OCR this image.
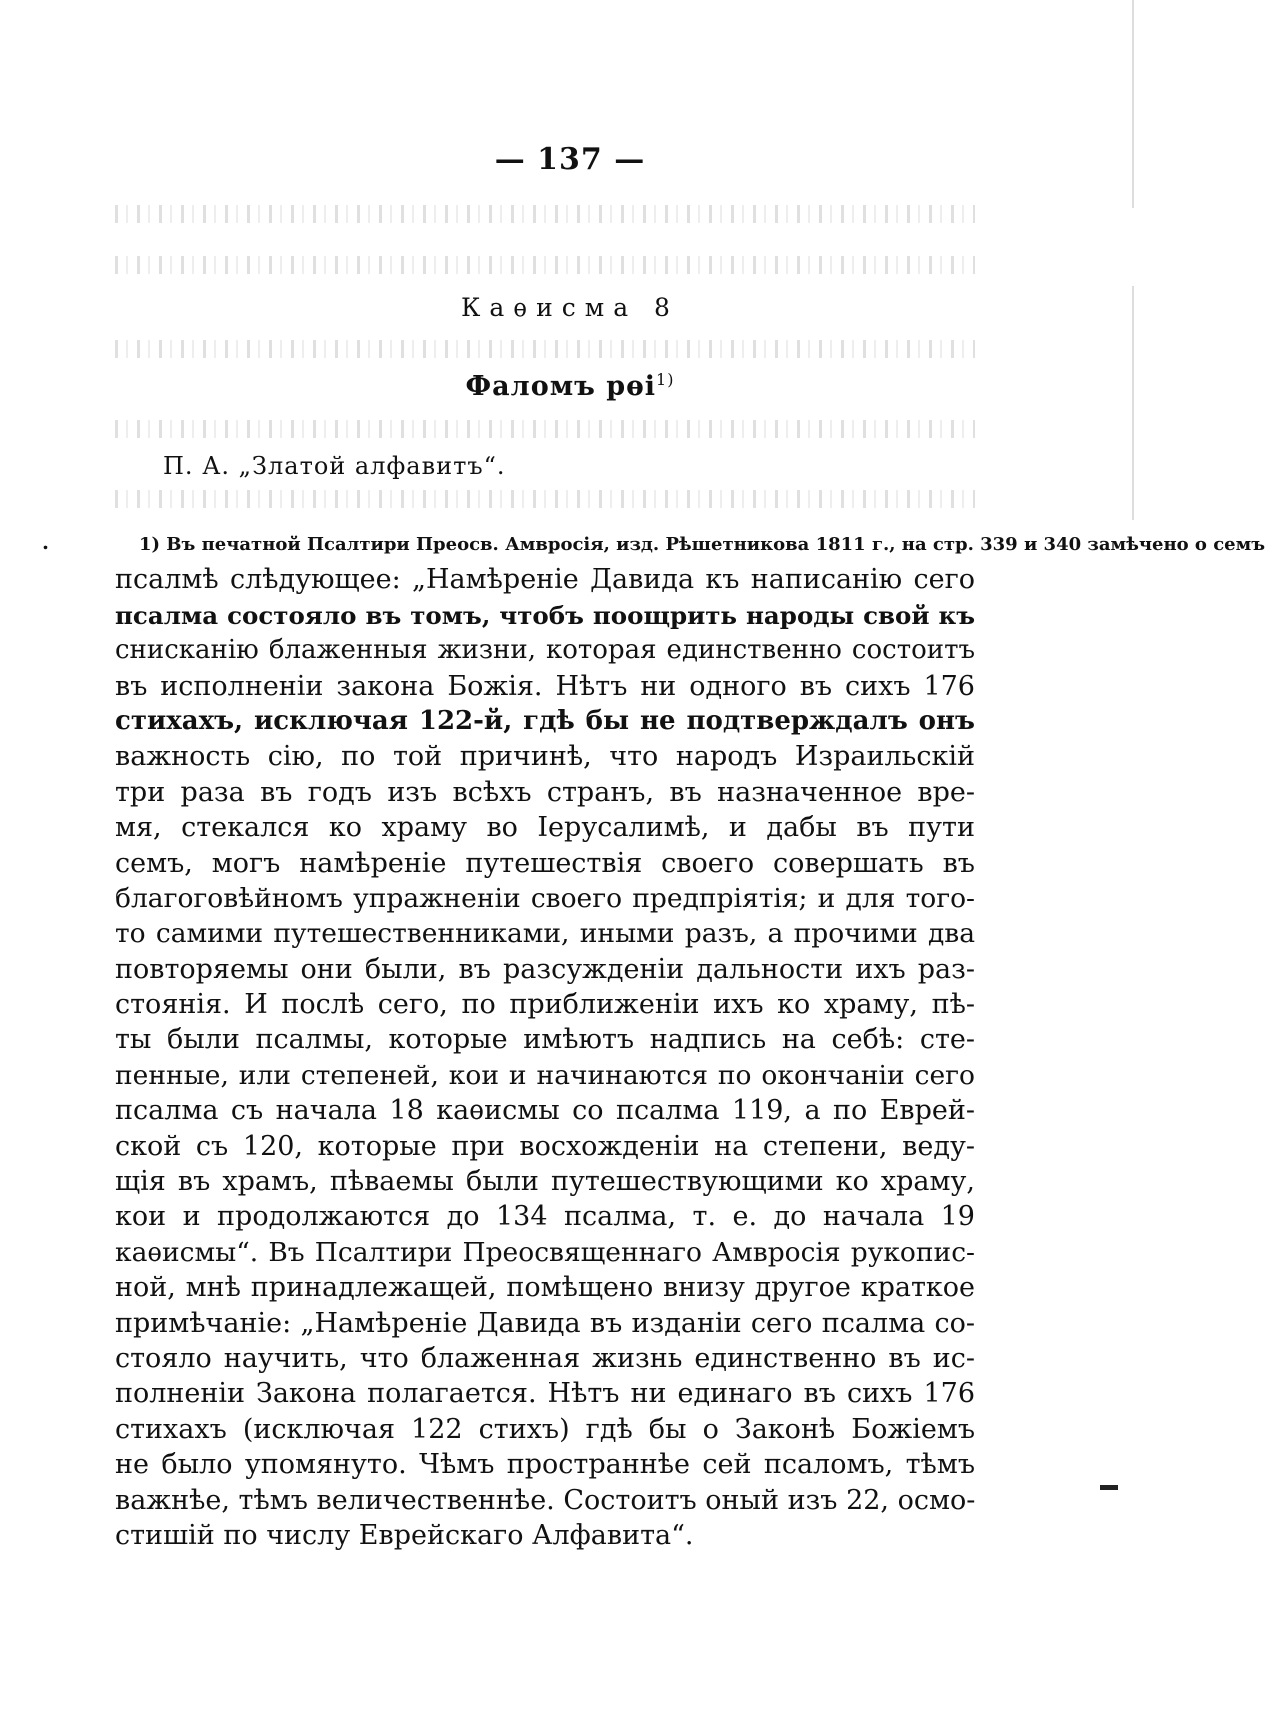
— 137 —
Каѳисма 8
Фаломъ рѳі$^{1)}$
П. А. „Златой алфавитъ“.
.	1) Въ печатной Псалтири Преосв. Амвросія, изд. Рѣшетникова 1811 г., на стр. 339 и 340 замѣчено о семъ
псалмѣ слѣдующее: „Намѣреніе Давида къ написанію сего
псалма состояло въ томъ, чтобъ поощрить народы свой къ
снисканію блаженныя жизни, которая единственно состоитъ
въ исполненіи закона Божія. Нѣтъ ни одного въ сихъ 176
стихахъ, исключая 122-й, гдѣ бы не подтверждалъ онъ
важность сію, по той причинѣ, что народъ Израильскій
три раза въ годъ изъ всѣхъ странъ, въ назначенное вре-
мя, стекался ко храму во Іерусалимѣ, и дабы въ пути
семъ, могъ намѣреніе путешествія своего совершать въ
благоговѣйномъ упражненіи своего предпріятія; и для того-
то самими путешественниками, иными разъ, а прочими два
повторяемы они были, въ разсужденіи дальности ихъ раз-
стоянія. И послѣ сего, по приближеніи ихъ ко храму, пѣ-
ты были псалмы, которые имѣютъ надпись на себѣ: сте-
пенные, или степеней, кои и начинаются по окончаніи сего
псалма съ начала 18 каѳисмы со псалма 119, а по Еврей-
ской съ 120, которые при восхожденіи на степени, веду-
щія въ храмъ, пѣваемы были путешествующими ко храму,
кои и продолжаются до 134 псалма, т. е. до начала 19
каѳисмы“. Въ Псалтири Преосвященнаго Амвросія рукопис-
ной, мнѣ принадлежащей, помѣщено внизу другое краткое
примѣчаніе: „Намѣреніе Давида въ изданіи сего псалма со-
стояло научить, что блаженная жизнь единственно въ ис-
полненіи Закона полагается. Нѣтъ ни единаго въ сихъ 176
стихахъ (исключая 122 стихъ) гдѣ бы о Законѣ Божіемъ
не было упомянуто. Чѣмъ пространнѣе сей псаломъ, тѣмъ
важнѣе, тѣмъ величественнѣе. Состоитъ оный изъ 22, осмо-
стишій по числу Еврейскаго Алфавита“.
